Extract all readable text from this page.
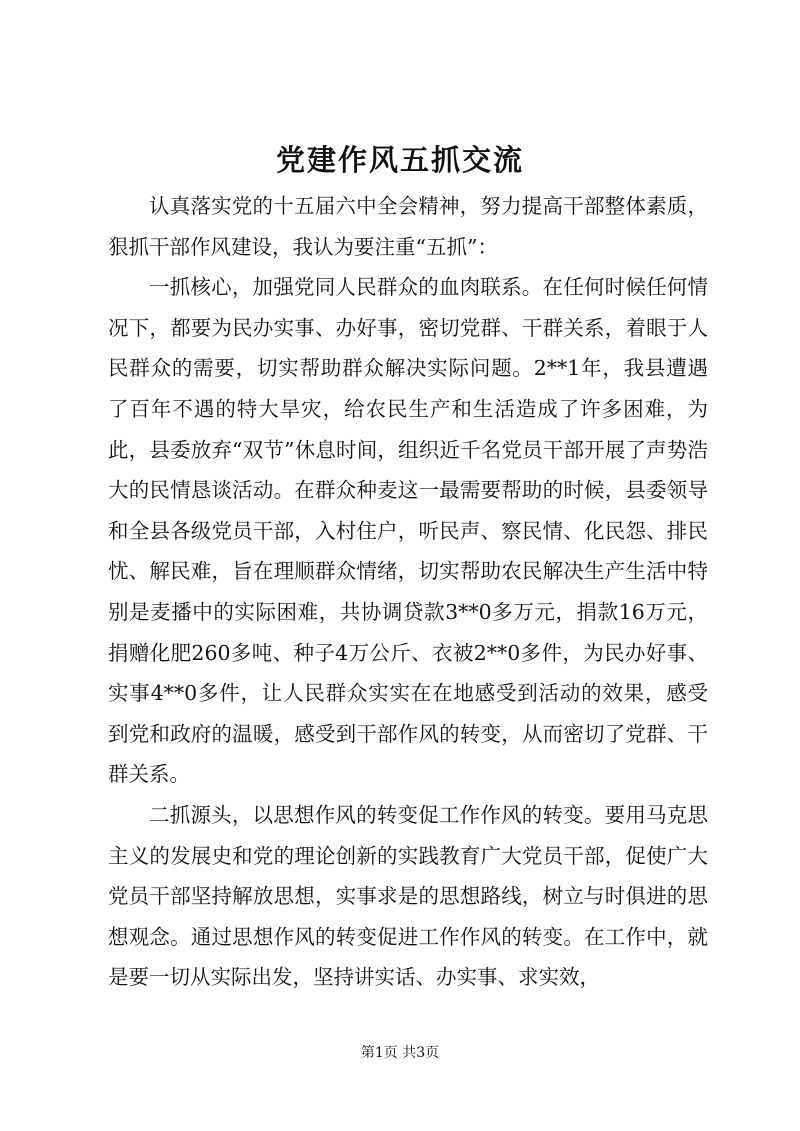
党建作风五抓交流

认真落实党的十五届六中全会精神，努力提高干部整体素质，狠抓干部作风建设，我认为要注重“五抓”：

一抓核心，加强党同人民群众的血肉联系。在任何时候任何情况下，都要为民办实事、办好事，密切党群、干群关系，着眼于人民群众的需要，切实帮助群众解决实际问题。2**1年，我县遭遇了百年不遇的特大旱灾，给农民生产和生活造成了许多困难，为此，县委放弃“双节”休息时间，组织近千名党员干部开展了声势浩大的民情恳谈活动。在群众种麦这一最需要帮助的时候，县委领导和全县各级党员干部，入村住户，听民声、察民情、化民怨、排民忧、解民难，旨在理顺群众情绪，切实帮助农民解决生产生活中特别是麦播中的实际困难，共协调贷款3**0多万元，捐款16万元，捐赠化肥260多吨、种子4万公斤、衣被2**0多件，为民办好事、实事4**0多件，让人民群众实实在在地感受到活动的效果，感受到党和政府的温暖，感受到干部作风的转变，从而密切了党群、干群关系。

二抓源头，以思想作风的转变促工作作风的转变。要用马克思主义的发展史和党的理论创新的实践教育广大党员干部，促使广大党员干部坚持解放思想，实事求是的思想路线，树立与时俱进的思想观念。通过思想作风的转变促进工作作风的转变。在工作中，就是要一切从实际出发，坚持讲实话、办实事、求实效，

第1页 共3页
